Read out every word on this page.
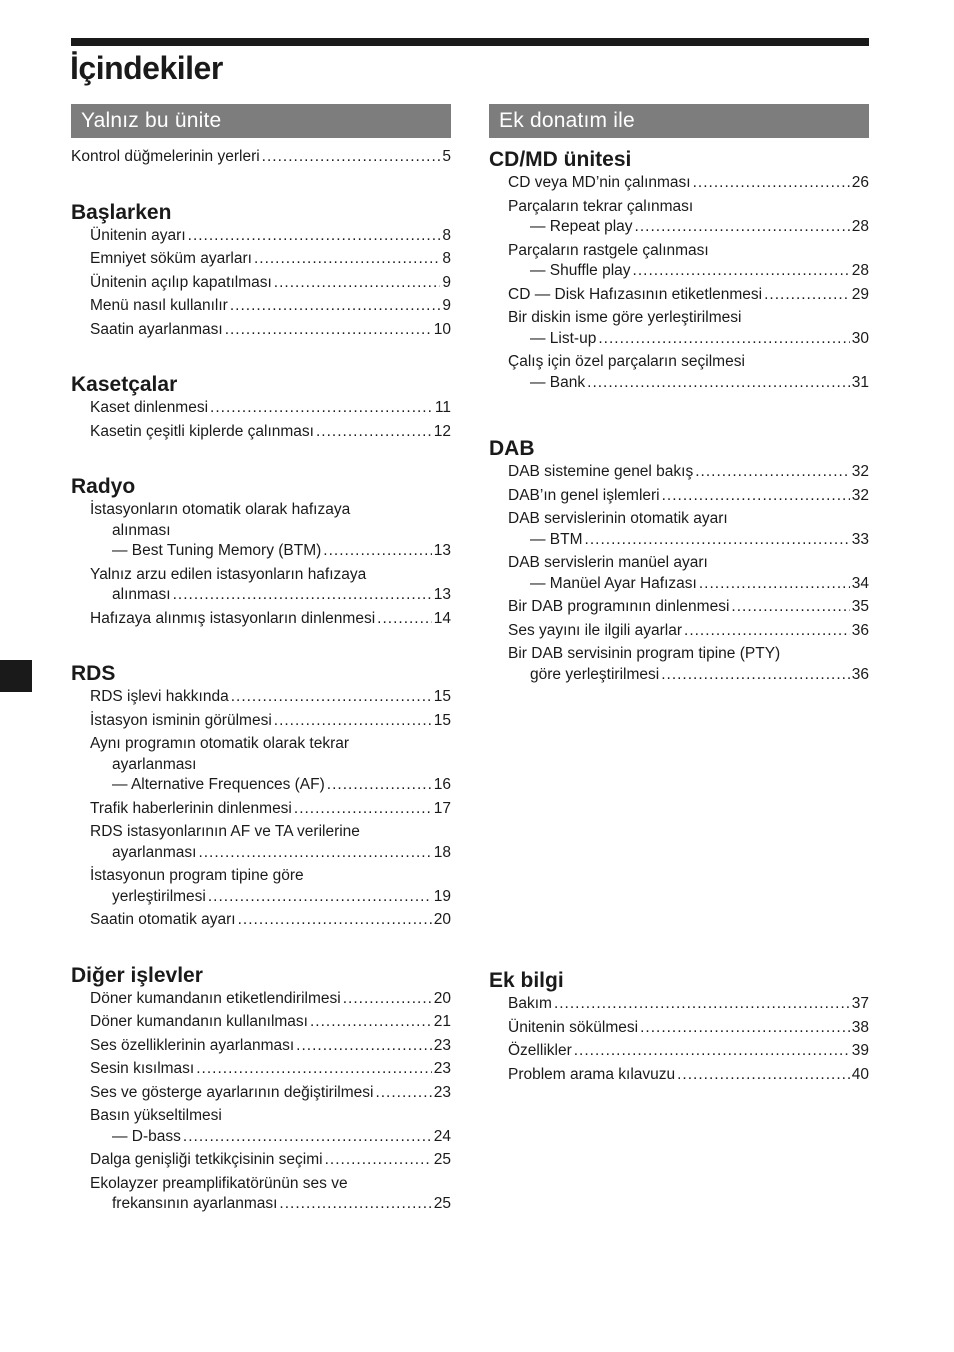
İçindekiler
Yalnız bu ünite
Kontrol düğmelerinin yerleri .....	5
Başlarken
Ünitenin ayarı .....	8
Emniyet söküm ayarları .....	8
Ünitenin açılıp kapatılması .....	9
Menü nasıl kullanılır .....	9
Saatin ayarlanması .....	10
Kasetçalar
Kaset dinlenmesi .....	11
Kasetin çeşitli kiplerde çalınması .....	12
Radyo
İstasyonların otomatik olarak hafızaya
alınması
— Best Tuning Memory (BTM) .....	13
Yalnız arzu edilen istasyonların hafızaya
alınması .....	13
Hafızaya alınmış istasyonların dinlenmesi .....	14
RDS
RDS işlevi hakkında .....	15
İstasyon isminin görülmesi .....	15
Aynı programın otomatik olarak tekrar
ayarlanması
— Alternative Frequences (AF) .....	16
Trafik haberlerinin dinlenmesi .....	17
RDS istasyonlarının AF ve TA verilerine
ayarlanması .....	18
İstasyonun program tipine göre
yerleştirilmesi .....	19
Saatin otomatik ayarı .....	20
Diğer işlevler
Döner kumandanın etiketlendirilmesi .....	20
Döner kumandanın kullanılması .....	21
Ses özelliklerinin ayarlanması .....	23
Sesin kısılması .....	23
Ses ve gösterge ayarlarının değiştirilmesi .....	23
Basın yükseltilmesi
— D-bass .....	24
Dalga genişliği tetkikçisinin seçimi .....	25
Ekolayzer preamplifikatörünün ses ve
frekansının ayarlanması .....	25
Ek donatım ile
CD/MD ünitesi
CD veya MD’nin çalınması .....	26
Parçaların tekrar çalınması
— Repeat play .....	28
Parçaların rastgele çalınması
— Shuffle play .....	28
CD — Disk Hafızasının etiketlenmesi .....	29
Bir diskin isme göre yerleştirilmesi
— List-up .....	30
Çalış için özel parçaların seçilmesi
— Bank .....	31
DAB
DAB sistemine genel bakış .....	32
DAB’ın genel işlemleri .....	32
DAB servislerinin otomatik ayarı
— BTM .....	33
DAB servislerin manüel ayarı
— Manüel Ayar Hafızası .....	34
Bir DAB programının dinlenmesi .....	35
Ses yayını ile ilgili ayarlar .....	36
Bir DAB servisinin program tipine (PTY)
göre yerleştirilmesi .....	36
Ek bilgi
Bakım .....	37
Ünitenin sökülmesi .....	38
Özellikler .....	39
Problem arama kılavuzu .....	40
